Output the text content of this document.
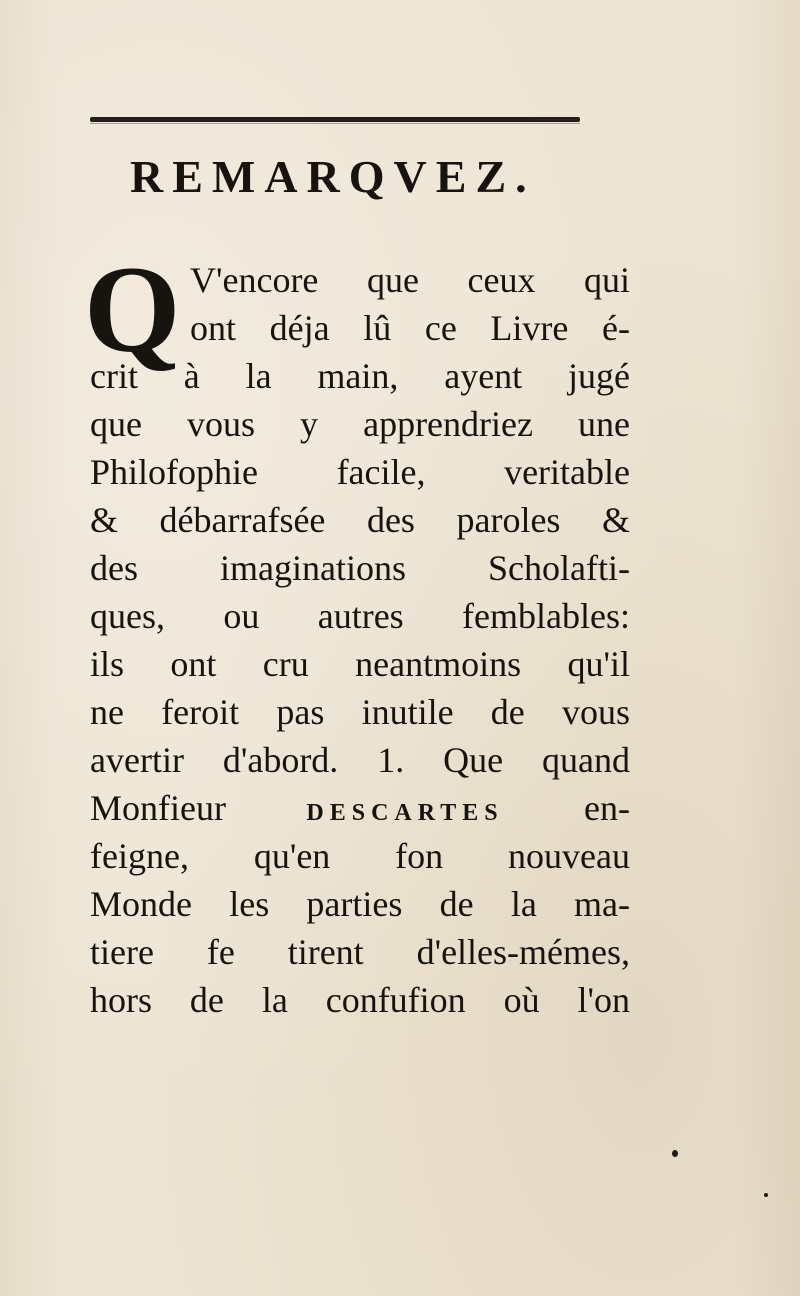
REMARQVEZ.
Q V'encore que ceux qui
ont déja lû ce Livre é-
crit à la main, ayent jugé
que vous y apprendriez une
Philofophie facile, veritable
& débarrafsée des paroles &
des imaginations Scholafti-
ques, ou autres femblables:
ils ont cru neantmoins qu'il
ne feroit pas inutile de vous
avertir d'abord. 1. Que quand
Monfieur DESCARTES en-
feigne, qu'en fon nouveau
Monde les parties de la ma-
tiere fe tirent d'elles-mémes,
hors de la confufion où l'on
